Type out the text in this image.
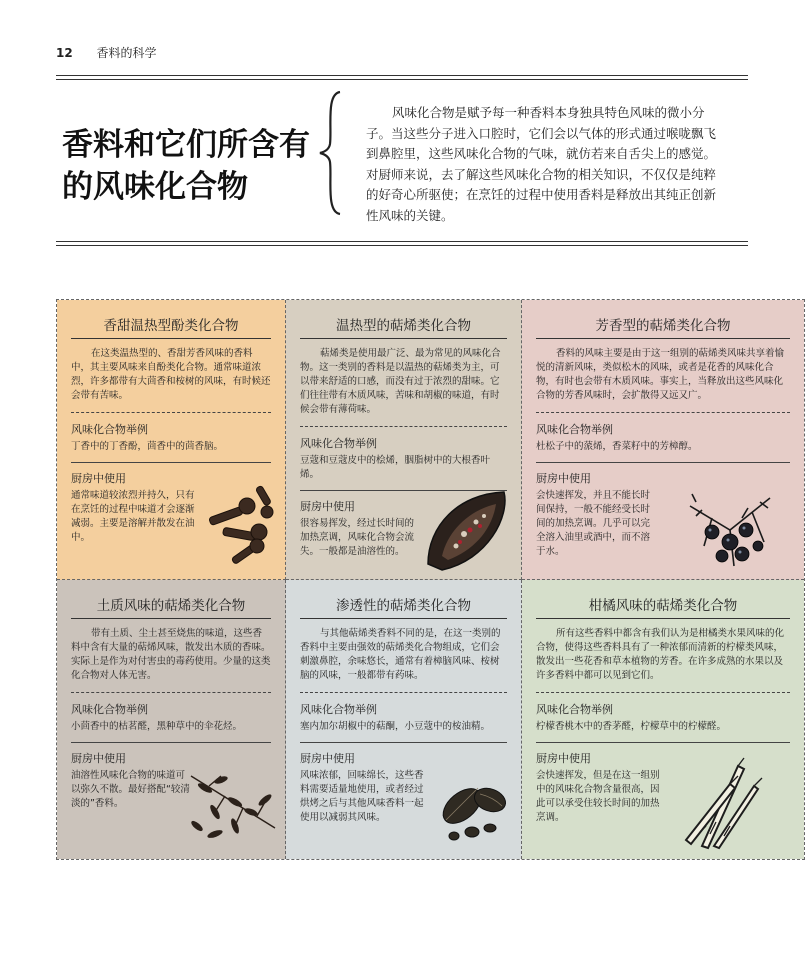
12 香料的科学
香料和它们所含有的风味化合物
风味化合物是赋予每一种香料本身独具特色风味的微小分子。当这些分子进入口腔时，它们会以气体的形式通过喉咙飘飞到鼻腔里，这些风味化合物的气味，就仿若来自舌尖上的感觉。对厨师来说，去了解这些风味化合物的相关知识，不仅仅是纯粹的好奇心所驱使；在烹饪的过程中使用香料是释放出其纯正创新性风味的关键。
香甜温热型酚类化合物

在这类温热型的、香甜芳香风味的香料中，其主要风味来自酚类化合物。通常味道浓烈，许多都带有大茴香和桉树的风味，有时候还会带有苦味。

风味化合物举例

丁香中的丁香酚，茴香中的茴香脑。

厨房中使用

通常味道较浓烈并持久，只有在烹饪的过程中味道才会逐渐减弱。主要是溶解并散发在油中。

温热型的萜烯类化合物

萜烯类是使用最广泛、最为常见的风味化合物。这一类别的香料是以温热的萜烯类为主，可以带来舒适的口感，而没有过于浓烈的甜味。它们往往带有木质风味，苦味和胡椒的味道，有时候会带有薄荷味。

风味化合物举例

豆蔻和豆蔻皮中的桧烯，胭脂树中的大根香叶烯。

厨房中使用

很容易挥发，经过长时间的加热烹调，风味化合物会流失。一般都是油溶性的。

芳香型的萜烯类化合物

香料的风味主要是由于这一组别的萜烯类风味共享着愉悦的清新风味，类似松木的风味，或者是花香的风味化合物，有时也会带有木质风味。事实上，当释放出这些风味化合物的芳香风味时，会扩散得又远又广。

风味化合物举例

杜松子中的蒎烯，香菜籽中的芳樟醇。

厨房中使用

会快速挥发，并且不能长时间保持，一般不能经受长时间的加热烹调。几乎可以完全溶入油里或酒中，而不溶于水。

土质风味的萜烯类化合物

带有土质、尘土甚至烧焦的味道，这些香料中含有大量的萜烯风味，散发出木质的香味。实际上是作为对付害虫的毒药使用。少量的这类化合物对人体无害。

风味化合物举例

小茴香中的枯茗醛，黑种草中的伞花烃。

厨房中使用

油溶性风味化合物的味道可以弥久不散。最好搭配“较清淡的”香料。

渗透性的萜烯类化合物

与其他萜烯类香料不同的是，在这一类别的香料中主要由强效的萜烯类化合物组成，它们会刺激鼻腔，余味悠长，通常有着樟脑风味、桉树脑的风味，一般都带有药味。

风味化合物举例

塞内加尔胡椒中的萜酮，小豆蔻中的桉油精。

厨房中使用

风味浓郁，回味绵长，这些香料需要适量地使用，或者经过烘烤之后与其他风味香料一起使用以减弱其风味。

柑橘风味的萜烯类化合物

所有这些香料中都含有我们认为是柑橘类水果风味的化合物，使得这些香料具有了一种浓郁而清新的柠檬类风味，散发出一些花香和草本植物的芳香。在许多成熟的水果以及许多香料中都可以见到它们。

风味化合物举例

柠檬香桃木中的香茅醛，柠檬草中的柠檬醛。

厨房中使用

会快速挥发，但是在这一组别中的风味化合物含量很高，因此可以承受住较长时间的加热烹调。
